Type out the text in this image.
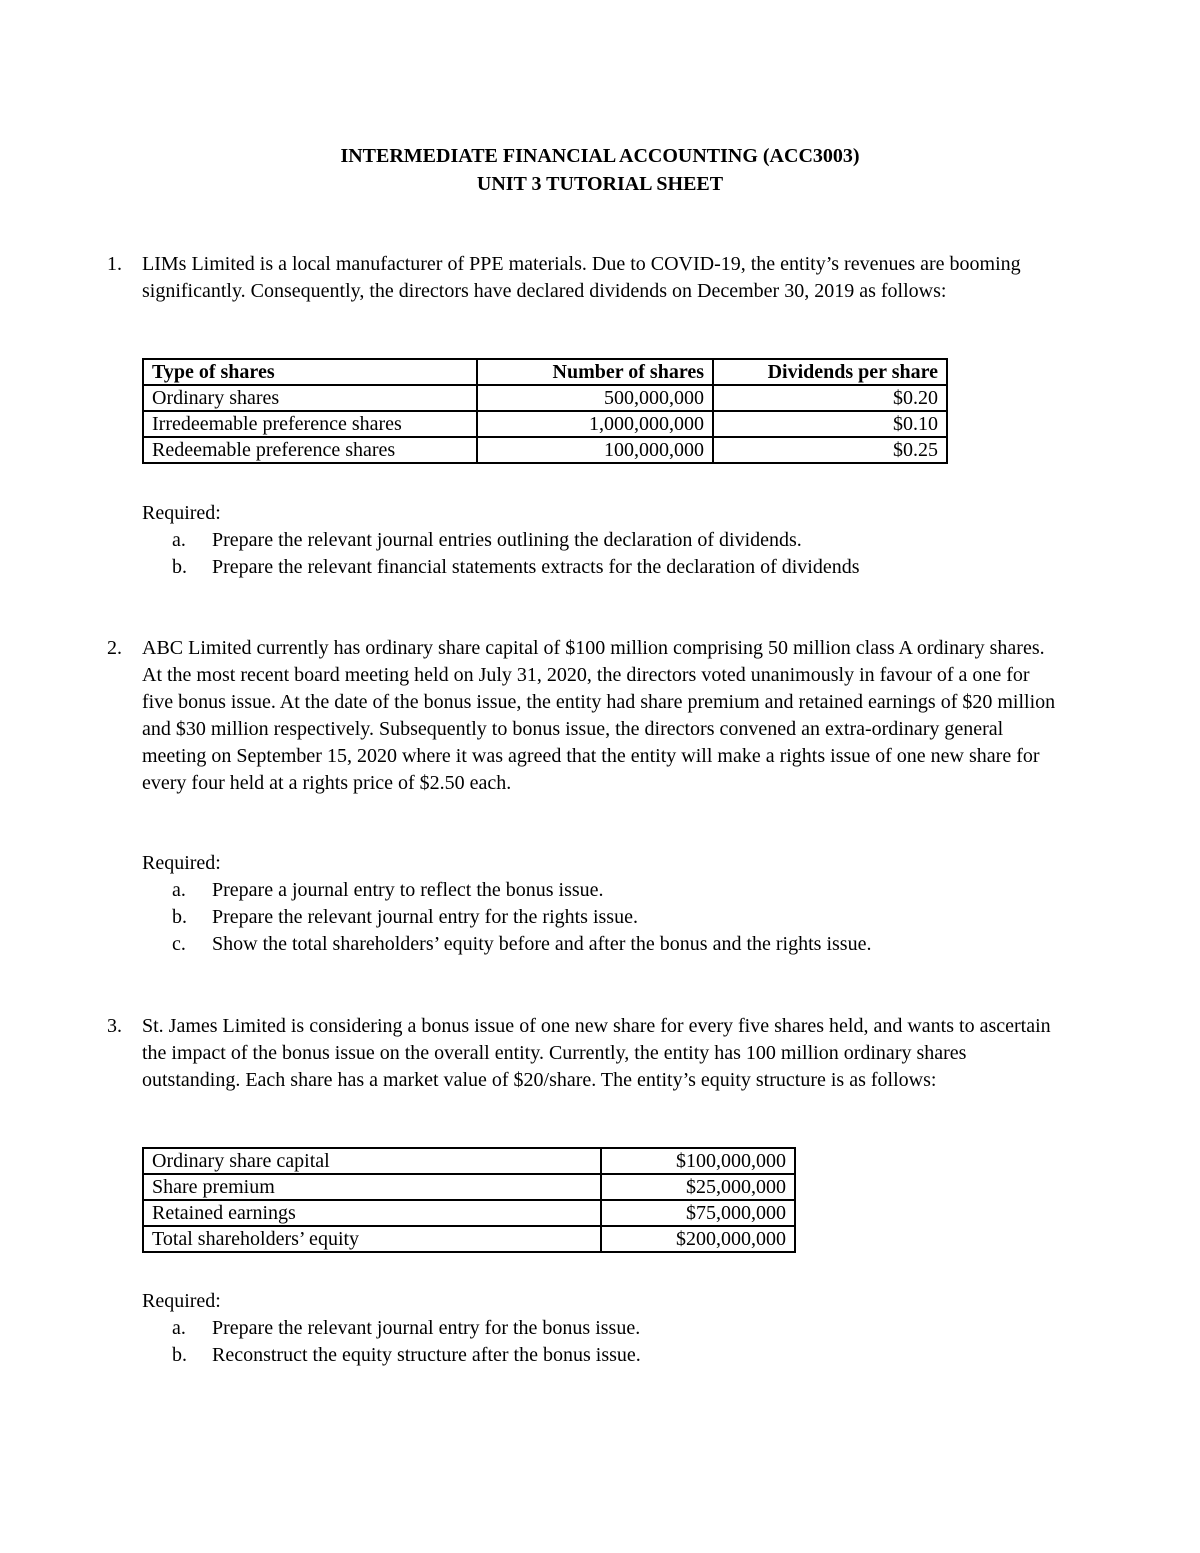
INTERMEDIATE FINANCIAL ACCOUNTING (ACC3003)
UNIT 3 TUTORIAL SHEET
1. LIMs Limited is a local manufacturer of PPE materials. Due to COVID-19, the entity’s revenues are booming significantly. Consequently, the directors have declared dividends on December 30, 2019 as follows:
Type of shares	Number of shares	Dividends per share
Ordinary shares	500,000,000	$0.20
Irredeemable preference shares	1,000,000,000	$0.10
Redeemable preference shares	100,000,000	$0.25
Required:
a. Prepare the relevant journal entries outlining the declaration of dividends.
b. Prepare the relevant financial statements extracts for the declaration of dividends
2. ABC Limited currently has ordinary share capital of $100 million comprising 50 million class A ordinary shares. At the most recent board meeting held on July 31, 2020, the directors voted unanimously in favour of a one for five bonus issue. At the date of the bonus issue, the entity had share premium and retained earnings of $20 million and $30 million respectively. Subsequently to bonus issue, the directors convened an extra-ordinary general meeting on September 15, 2020 where it was agreed that the entity will make a rights issue of one new share for every four held at a rights price of $2.50 each.
Required:
a. Prepare a journal entry to reflect the bonus issue.
b. Prepare the relevant journal entry for the rights issue.
c. Show the total shareholders’ equity before and after the bonus and the rights issue.
3. St. James Limited is considering a bonus issue of one new share for every five shares held, and wants to ascertain the impact of the bonus issue on the overall entity. Currently, the entity has 100 million ordinary shares outstanding. Each share has a market value of $20/share. The entity’s equity structure is as follows:
Ordinary share capital	$100,000,000
Share premium	$25,000,000
Retained earnings	$75,000,000
Total shareholders’ equity	$200,000,000
Required:
a. Prepare the relevant journal entry for the bonus issue.
b. Reconstruct the equity structure after the bonus issue.
